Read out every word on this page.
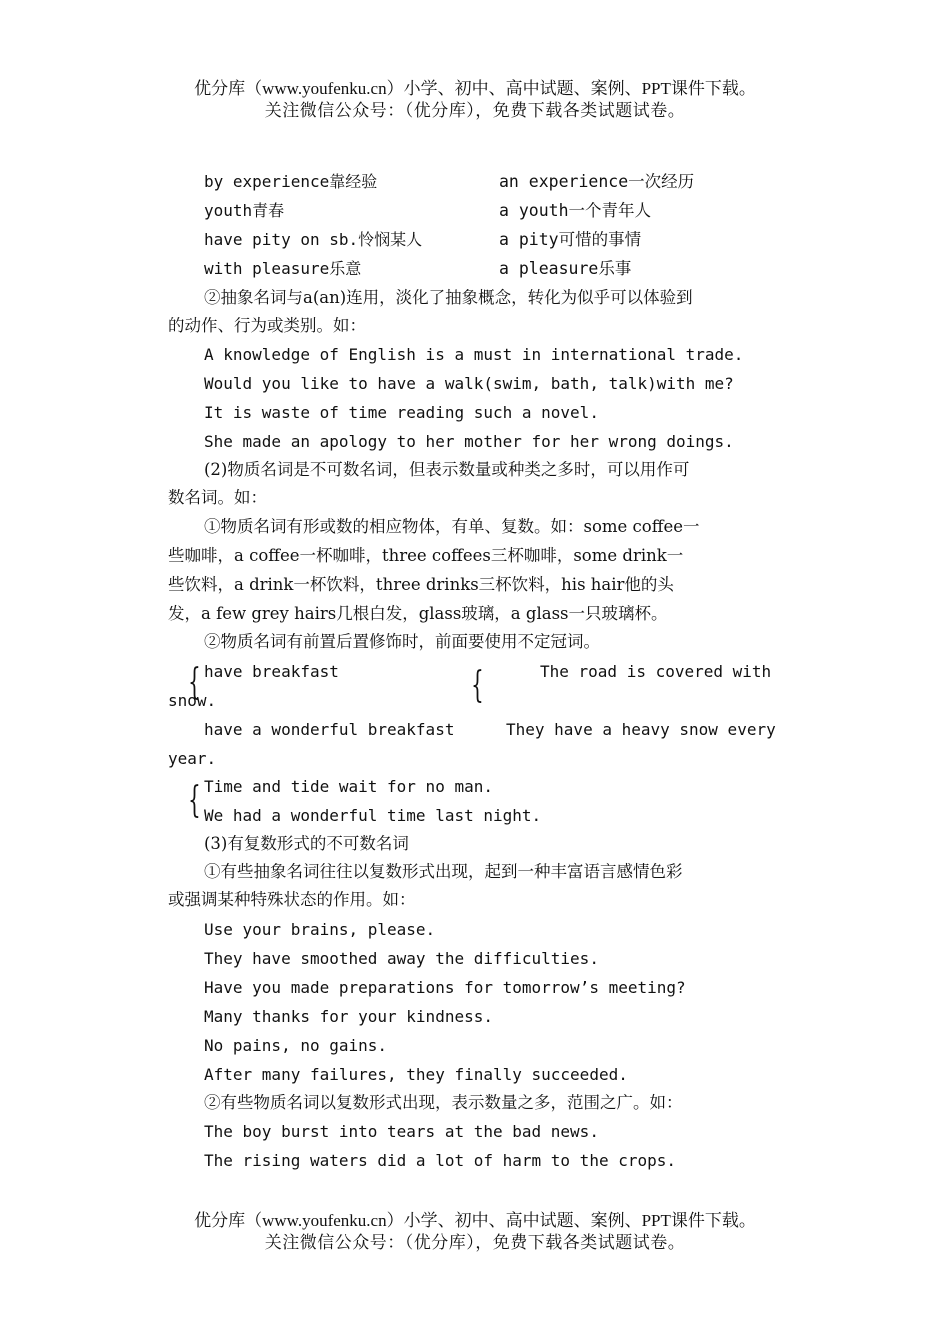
优分库（www.youfenku.cn）小学、初中、高中试题、案例、PPT课件下载。
关注微信公众号：（优分库），免费下载各类试题试卷。
by experience靠经验	an experience一次经历
youth青春	a youth一个青年人
have pity on sb.怜悯某人	a pity可惜的事情
with pleasure乐意	a pleasure乐事
②抽象名词与a(an)连用，淡化了抽象概念，转化为似乎可以体验到
的动作、行为或类别。如：
A knowledge of English is a must in international trade.
Would you like to have a walk(swim, bath, talk)with me?
It is waste of time reading such a novel.
She made an apology to her mother for her wrong doings.
(2)物质名词是不可数名词，但表示数量或种类之多时，可以用作可
数名词。如：
①物质名词有形或数的相应物体，有单、复数。如：some coffee一
些咖啡，a coffee一杯咖啡，three coffees三杯咖啡，some drink一
些饮料，a drink一杯饮料，three drinks三杯饮料，his hair他的头
发，a few grey hairs几根白发，glass玻璃，a glass一只玻璃杯。
②物质名词有前置后置修饰时，前面要使用不定冠词。
{ have breakfast	{	The road is covered with
snow.
have a wonderful breakfast	They have a heavy snow every
year.
{ Time and tide wait for no man.
We had a wonderful time last night.
(3)有复数形式的不可数名词
①有些抽象名词往往以复数形式出现，起到一种丰富语言感情色彩
或强调某种特殊状态的作用。如：
Use your brains, please.
They have smoothed away the difficulties.
Have you made preparations for tomorrow’s meeting?
Many thanks for your kindness.
No pains, no gains.
After many failures, they finally succeeded.
②有些物质名词以复数形式出现，表示数量之多，范围之广。如：
The boy burst into tears at the bad news.
The rising waters did a lot of harm to the crops.
优分库（www.youfenku.cn）小学、初中、高中试题、案例、PPT课件下载。
关注微信公众号：（优分库），免费下载各类试题试卷。
